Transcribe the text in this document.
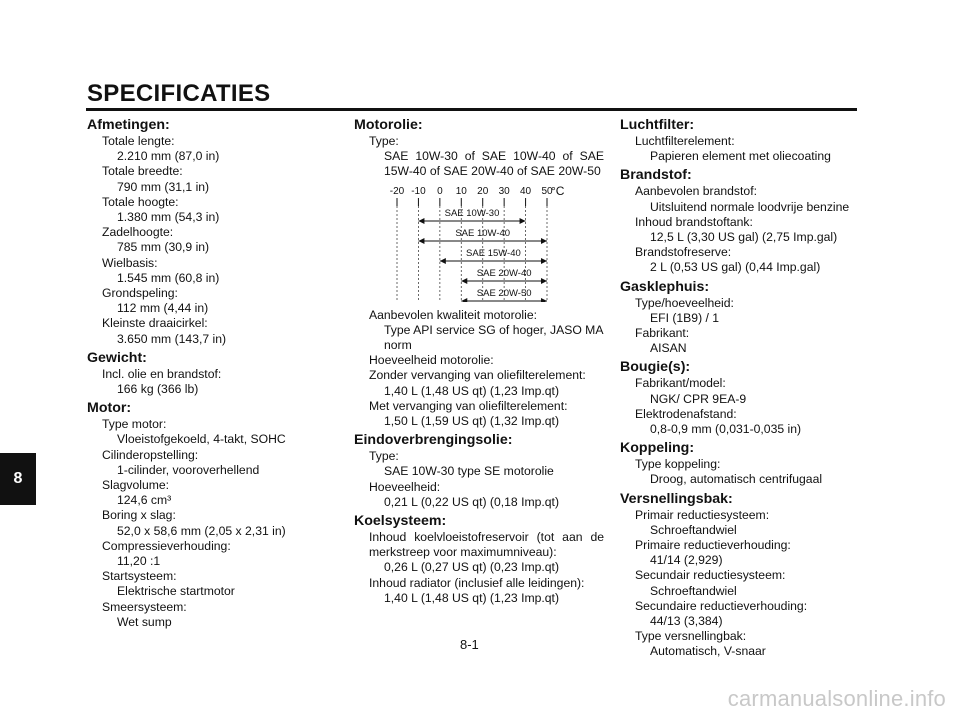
SPECIFICATIES
Afmetingen:
Totale lengte:
2.210 mm (87,0 in)
Totale breedte:
790 mm (31,1 in)
Totale hoogte:
1.380 mm (54,3 in)
Zadelhoogte:
785 mm (30,9 in)
Wielbasis:
1.545 mm (60,8 in)
Grondspeling:
112 mm (4,44 in)
Kleinste draaicirkel:
3.650 mm (143,7 in)
Gewicht:
Incl. olie en brandstof:
166 kg (366 lb)
Motor:
Type motor:
Vloeistofgekoeld, 4-takt, SOHC
Cilinderopstelling:
1-cilinder, vooroverhellend
Slagvolume:
124,6 cm³
Boring x slag:
52,0 x 58,6 mm (2,05 x 2,31 in)
Compressieverhouding:
11,20 :1
Startsysteem:
Elektrische startmotor
Smeersysteem:
Wet sump
Motorolie:
Type:
SAE 10W-30 of SAE 10W-40 of SAE 15W-40 of SAE 20W-40 of SAE 20W-50
-20 -10 0 10 20 30 40 50
°C
SAE 10W-30
SAE 10W-40
SAE 15W-40
SAE 20W-40
SAE 20W-50
Aanbevolen kwaliteit motorolie:
Type API service SG of hoger, JASO MA norm
Hoeveelheid motorolie:
Zonder vervanging van oliefilterelement:
1,40 L (1,48 US qt) (1,23 Imp.qt)
Met vervanging van oliefilterelement:
1,50 L (1,59 US qt) (1,32 Imp.qt)
Eindoverbrengingsolie:
Type:
SAE 10W-30 type SE motorolie
Hoeveelheid:
0,21 L (0,22 US qt) (0,18 Imp.qt)
Koelsysteem:
Inhoud koelvloeistofreservoir (tot aan de merkstreep voor maximumniveau):
0,26 L (0,27 US qt) (0,23 Imp.qt)
Inhoud radiator (inclusief alle leidingen):
1,40 L (1,48 US qt) (1,23 Imp.qt)
Luchtfilter:
Luchtfilterelement:
Papieren element met oliecoating
Brandstof:
Aanbevolen brandstof:
Uitsluitend normale loodvrije benzine
Inhoud brandstoftank:
12,5 L (3,30 US gal) (2,75 Imp.gal)
Brandstofreserve:
2 L (0,53 US gal) (0,44 Imp.gal)
Gasklephuis:
Type/hoeveelheid:
EFI (1B9) / 1
Fabrikant:
AISAN
Bougie(s):
Fabrikant/model:
NGK/ CPR 9EA-9
Elektrodenafstand:
0,8-0,9 mm (0,031-0,035 in)
Koppeling:
Type koppeling:
Droog, automatisch centrifugaal
Versnellingsbak:
Primair reductiesysteem:
Schroeftandwiel
Primaire reductieverhouding:
41/14 (2,929)
Secundair reductiesysteem:
Schroeftandwiel
Secundaire reductieverhouding:
44/13 (3,384)
Type versnellingbak:
Automatisch, V-snaar
8
8-1
carmanualsonline.info
